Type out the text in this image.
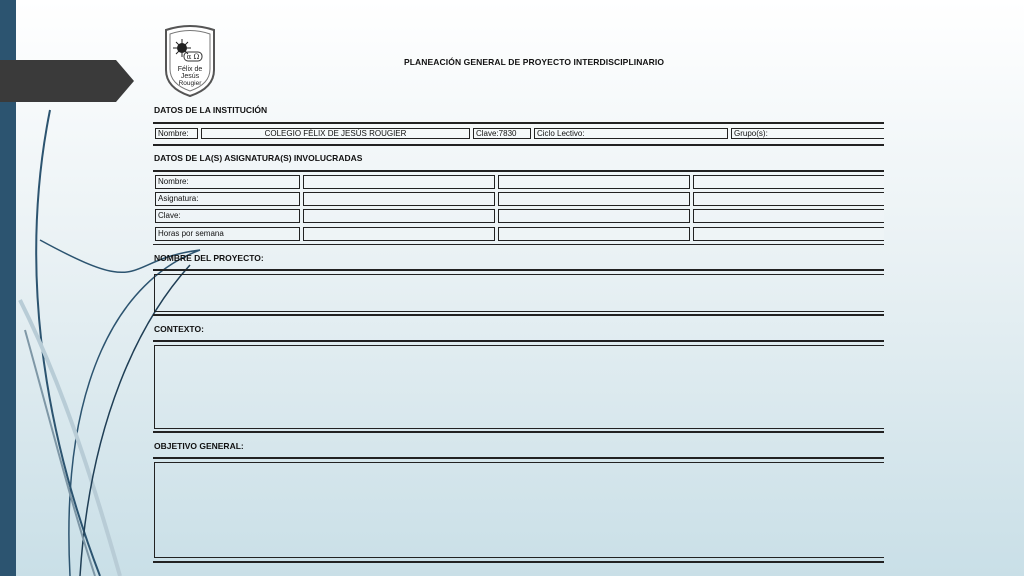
α Ω
Félix de
Jesús
Rougier
PLANEACIÓN GENERAL DE PROYECTO INTERDISCIPLINARIO
DATOS DE LA INSTITUCIÓN
Nombre:	COLEGIO FÉLIX DE JESÚS ROUGIER	Clave:7830	Ciclo Lectivo:	Grupo(s):
DATOS DE LA(S) ASIGNATURA(S) INVOLUCRADAS
Nombre:
Asignatura:
Clave:
Horas por semana
NOMBRE DEL PROYECTO:
CONTEXTO:
OBJETIVO GENERAL:
